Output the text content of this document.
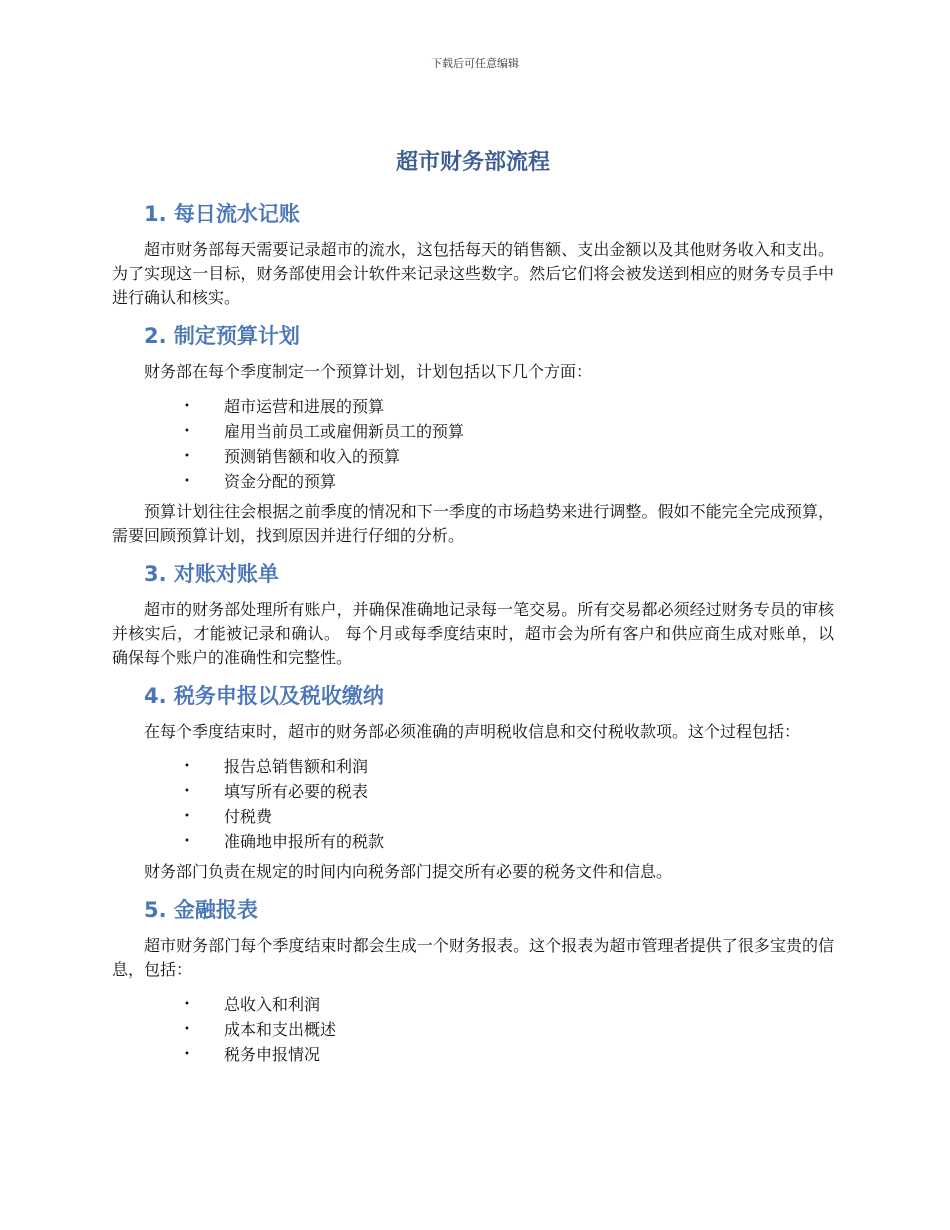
下载后可任意编辑
超市财务部流程
1. 每日流水记账

超市财务部每天需要记录超市的流水，这包括每天的销售额、支出金额以及其他财务收入和支出。 为了实现这一目标，财务部使用会计软件来记录这些数字。然后它们将会被发送到相应的财务专员手中进行确认和核实。

2. 制定预算计划

财务部在每个季度制定一个预算计划，计划包括以下几个方面：

• 超市运营和进展的预算
• 雇用当前员工或雇佣新员工的预算
• 预测销售额和收入的预算
• 资金分配的预算

预算计划往往会根据之前季度的情况和下一季度的市场趋势来进行调整。假如不能完全完成预算，需要回顾预算计划，找到原因并进行仔细的分析。

3. 对账对账单

超市的财务部处理所有账户，并确保准确地记录每一笔交易。所有交易都必须经过财务专员的审核并核实后，才能被记录和确认。 每个月或每季度结束时，超市会为所有客户和供应商生成对账单，以确保每个账户的准确性和完整性。

4. 税务申报以及税收缴纳

在每个季度结束时，超市的财务部必须准确的声明税收信息和交付税收款项。这个过程包括：

• 报告总销售额和利润
• 填写所有必要的税表
• 付税费
• 准确地申报所有的税款

财务部门负责在规定的时间内向税务部门提交所有必要的税务文件和信息。

5. 金融报表

超市财务部门每个季度结束时都会生成一个财务报表。这个报表为超市管理者提供了很多宝贵的信息，包括：

• 总收入和利润
• 成本和支出概述
• 税务申报情况
